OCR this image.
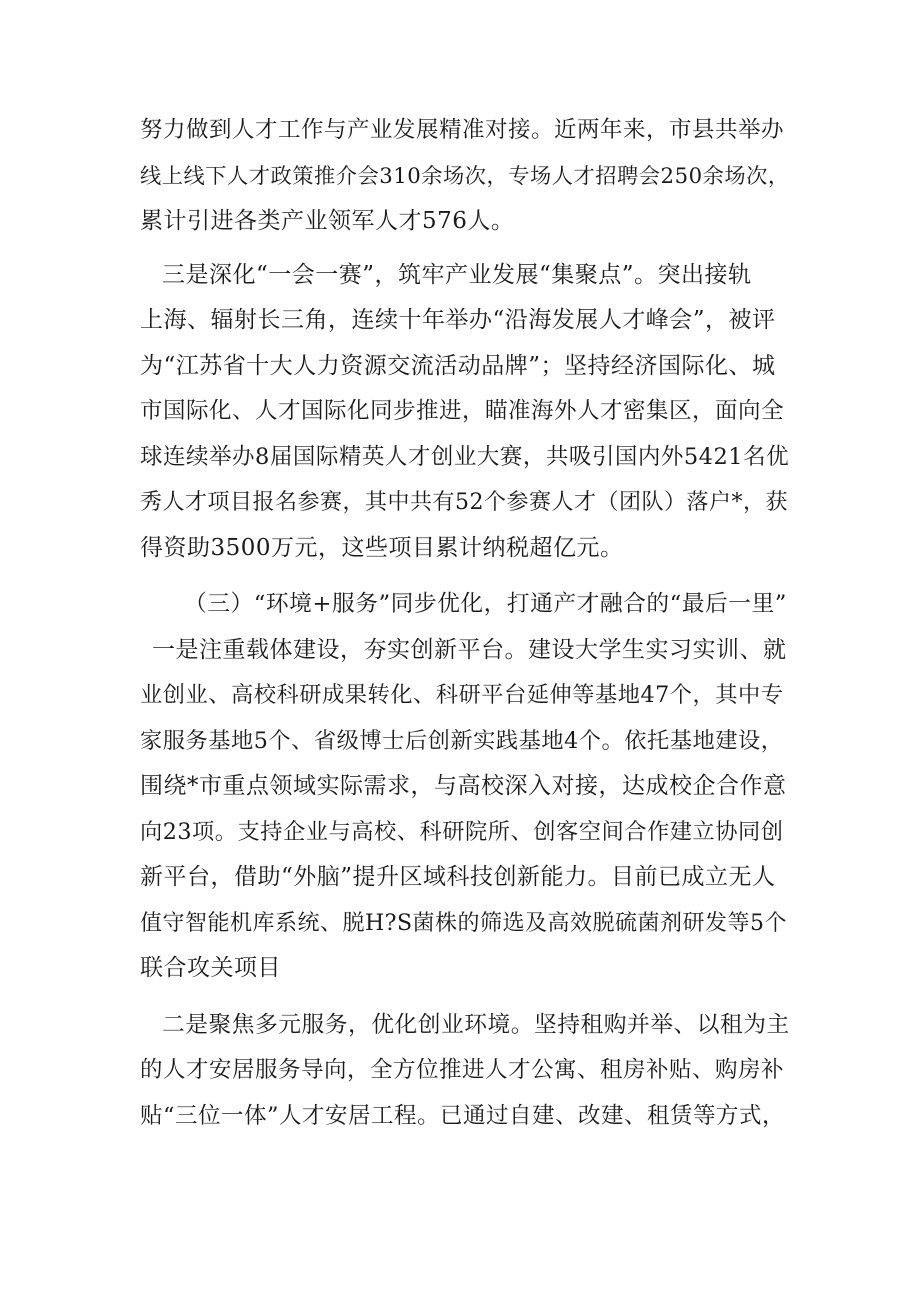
努力做到人才工作与产业发展精准对接。近两年来，市县共举办
线上线下人才政策推介会310余场次，专场人才招聘会250余场次，
累计引进各类产业领军人才576人。

三是深化“一会一赛”，筑牢产业发展“集聚点”。突出接轨
上海、辐射长三角，连续十年举办“沿海发展人才峰会”，被评
为“江苏省十大人力资源交流活动品牌”；坚持经济国际化、城
市国际化、人才国际化同步推进，瞄准海外人才密集区，面向全
球连续举办8届国际精英人才创业大赛，共吸引国内外5421名优
秀人才项目报名参赛，其中共有52个参赛人才（团队）落户*，获
得资助3500万元，这些项目累计纳税超亿元。

（三）“环境+服务”同步优化，打通产才融合的“最后一里”

一是注重载体建设，夯实创新平台。建设大学生实习实训、就
业创业、高校科研成果转化、科研平台延伸等基地47个，其中专
家服务基地5个、省级博士后创新实践基地4个。依托基地建设，
围绕*市重点领域实际需求，与高校深入对接，达成校企合作意
向23项。支持企业与高校、科研院所、创客空间合作建立协同创
新平台，借助“外脑”提升区域科技创新能力。目前已成立无人
值守智能机库系统、脱H?S菌株的筛选及高效脱硫菌剂研发等5个
联合攻关项目

二是聚焦多元服务，优化创业环境。坚持租购并举、以租为主
的人才安居服务导向，全方位推进人才公寓、租房补贴、购房补
贴“三位一体”人才安居工程。已通过自建、改建、租赁等方式，
